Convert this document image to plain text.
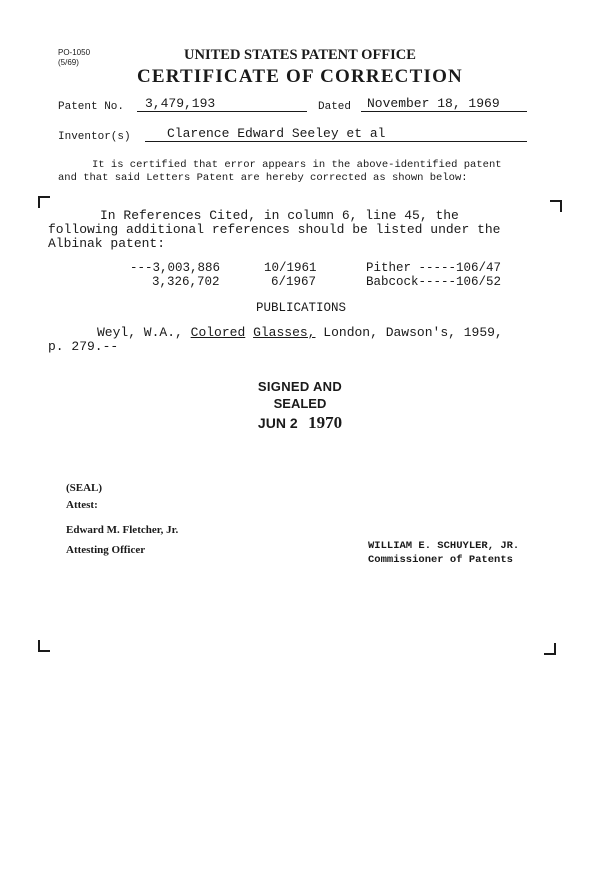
PO-1050
(5/69)	UNITED STATES PATENT OFFICE
CERTIFICATE OF CORRECTION
Patent No.	3,479,193	Dated	November 18, 1969
Inventor(s)	Clarence Edward Seeley et al
It is certified that error appears in the above-identified patent
and that said Letters Patent are hereby corrected as shown below:
In References Cited, in column 6, line 45, the
following additional references should be listed under the
Albinak patent:
---3,003,886	10/1961	Pither -----106/47
3,326,702	6/1967	Babcock-----106/52
PUBLICATIONS
Weyl, W.A., Colored Glasses, London, Dawson's, 1959,
p. 279.--
SIGNED AND
SEALED
JUN 2 1970
(SEAL)
Attest:
Edward M. Fletcher, Jr.
Attesting Officer	WILLIAM E. SCHUYLER, JR.
Commissioner of Patents
